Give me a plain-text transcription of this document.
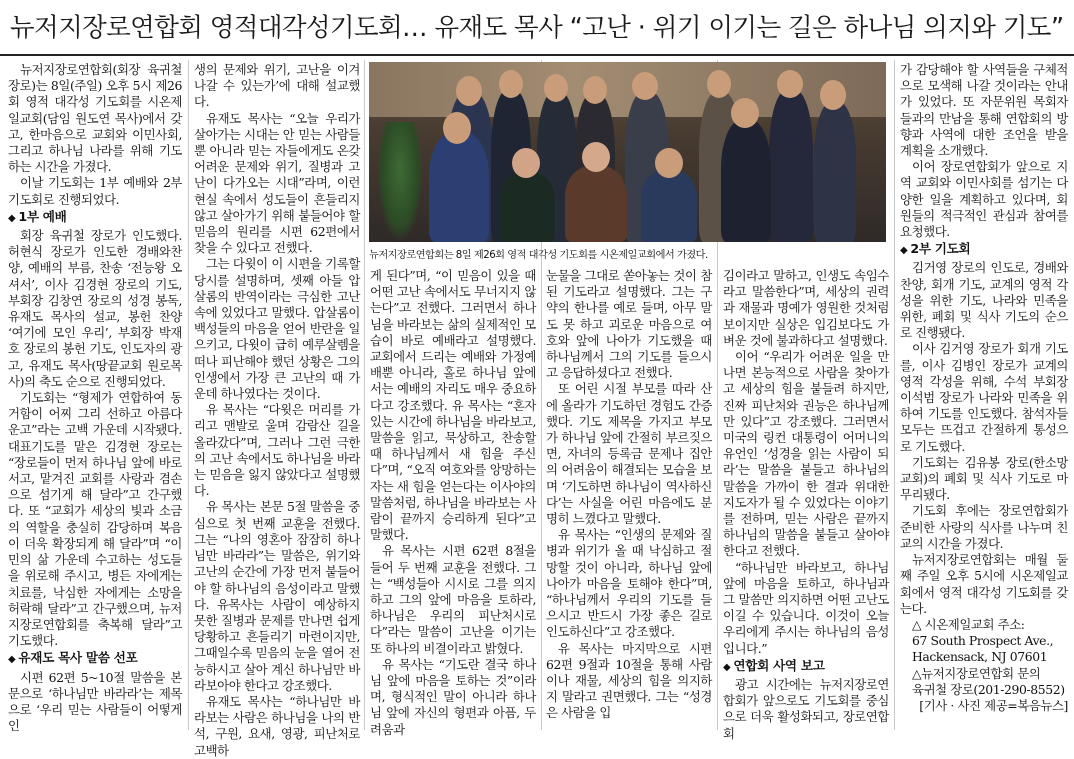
뉴저지장로연합회 영적대각성기도회… 유재도 목사 “고난 · 위기 이기는 길은 하나님 의지와 기도”

뉴저지장로연합회(회장 육귀철 장로)는 8일(주일) 오후 5시 제26회 영적 대각성 기도회를 시온제일교회(담임 원도연 목사)에서 갖고, 한마음으로 교회와 이민사회, 그리고 하나님 나라를 위해 기도하는 시간을 가졌다.

이날 기도회는 1부 예배와 2부 기도회로 진행되었다.

◆ 1부 예배

회장 육귀철 장로가 인도했다. 허현식 장로가 인도한 경배와찬양, 예배의 부름, 찬송 ‘전능왕 오셔서’, 이사 김경현 장로의 기도, 부회장 김창연 장로의 성경 봉독, 유재도 목사의 설교, 봉헌 찬양 ‘여기에 모인 우리’, 부회장 박재호 장로의 봉헌 기도, 인도자의 광고, 유재도 목사(땅끝교회 원로목사)의 축도 순으로 진행되었다.

기도회는 “형제가 연합하여 동거함이 어찌 그리 선하고 아름다운고”라는 고백 가운데 시작됐다. 대표기도를 맡은 김경현 장로는 “장로들이 먼저 하나님 앞에 바로 서고, 맡겨진 교회를 사랑과 겸손으로 섬기게 해 달라”고 간구했다. 또 “교회가 세상의 빛과 소금의 역할을 충실히 감당하며 복음이 더욱 확장되게 해 달라”며 “이민의 삶 가운데 수고하는 성도들을 위로해 주시고, 병든 자에게는 치료를, 낙심한 자에게는 소망을 허락해 달라”고 간구했으며, 뉴저지장로연합회를 축복해 달라”고 기도했다.

◆ 유재도 목사 말씀 선포

시편 62편 5~10절 말씀을 본문으로 ‘하나님만 바라라’는 제목으로 ‘우리 믿는 사람들이 어떻게 인

뉴저지장로연합회는 8일 제26회 영적 대각성 기도회를 시온제일교회에서 가졌다.

생의 문제와 위기, 고난을 이겨 나갈 수 있는가’에 대해 설교했다.

유재도 목사는 “오늘 우리가 살아가는 시대는 안 믿는 사람들뿐 아니라 믿는 자들에게도 온갖 어려운 문제와 위기, 질병과 고난이 다가오는 시대”라며, 이런 현실 속에서 성도들이 흔들리지 않고 살아가기 위해 붙들어야 할 믿음의 원리를 시편 62편에서 찾을 수 있다고 전했다.

그는 다윗이 이 시편을 기록할 당시를 설명하며, 셋째 아들 압살롬의 반역이라는 극심한 고난 속에 있었다고 말했다. 압살롬이 백성들의 마음을 얻어 반란을 일으키고, 다윗이 급히 예루살렘을 떠나 피난해야 했던 상황은 그의 인생에서 가장 큰 고난의 때 가운데 하나였다는 것이다.

유 목사는 “다윗은 머리를 가리고 맨발로 울며 감람산 길을 올라갔다”며, 그러나 그런 극한의 고난 속에서도 하나님을 바라는 믿음을 잃지 않았다고 설명했다.

유 목사는 본문 5절 말씀을 중심으로 첫 번째 교훈을 전했다. 그는 “나의 영혼아 잠잠히 하나님만 바라라”는 말씀은, 위기와 고난의 순간에 가장 먼저 붙들어야 할 하나님의 음성이라고 말했다. 유목사는 사람이 예상하지 못한 질병과 문제를 만나면 쉽게 당황하고 흔들리기 마련이지만, 그때일수록 믿음의 눈을 열어 전능하시고 살아 계신 하나님만 바라보아야 한다고 강조했다.

유재도 목사는 “하나님만 바라보는 사람은 하나님을 나의 반석, 구원, 요새, 영광, 피난처로 고백하

게 된다”며, “이 믿음이 있을 때 어떤 고난 속에서도 무너지지 않는다”고 전했다. 그러면서 하나님을 바라보는 삶의 실제적인 모습이 바로 예배라고 설명했다. 교회에서 드리는 예배와 가정예배뿐 아니라, 홀로 하나님 앞에 서는 예배의 자리도 매우 중요하다고 강조했다. 유 목사는 “혼자 있는 시간에 하나님을 바라보고, 말씀을 읽고, 묵상하고, 찬송할 때 하나님께서 새 힘을 주신다”며, “오직 여호와를 앙망하는 자는 새 힘을 얻는다는 이사야의 말씀처럼, 하나님을 바라보는 사람이 끝까지 승리하게 된다”고 말했다.

유 목사는 시편 62편 8절을 들어 두 번째 교훈을 전했다. 그는 “백성들아 시시로 그를 의지하고 그의 앞에 마음을 토하라, 하나님은 우리의 피난처시로다”라는 말씀이 고난을 이기는 또 하나의 비결이라고 밝혔다.

유 목사는 “기도란 결국 하나님 앞에 마음을 토하는 것”이라며, 형식적인 말이 아니라 하나님 앞에 자신의 형편과 아픔, 두려움과

눈물을 그대로 쏟아놓는 것이 참된 기도라고 설명했다. 그는 구약의 한나를 예로 들며, 아무 말도 못 하고 괴로운 마음으로 여호와 앞에 나아가 기도했을 때 하나님께서 그의 기도를 들으시고 응답하셨다고 전했다.

또 어린 시절 부모를 따라 산에 올라가 기도하던 경험도 간증했다. 기도 제목을 가지고 부모가 하나님 앞에 간절히 부르짖으면, 자녀의 등록금 문제나 집안의 어려움이 해결되는 모습을 보며 ‘기도하면 하나님이 역사하신다’는 사실을 어린 마음에도 분명히 느꼈다고 말했다.

유 목사는 “인생의 문제와 질병과 위기가 올 때 낙심하고 절망할 것이 아니라, 하나님 앞에 나아가 마음을 토해야 한다”며, “하나님께서 우리의 기도를 들으시고 반드시 가장 좋은 길로 인도하신다”고 강조했다.

유 목사는 마지막으로 시편 62편 9절과 10절을 통해 사람이나 재물, 세상의 힘을 의지하지 말라고 권면했다. 그는 “성경은 사람을 입

김이라고 말하고, 인생도 속임수라고 말씀한다”며, 세상의 권력과 재물과 명예가 영원한 것처럼 보이지만 실상은 입김보다도 가벼운 것에 불과하다고 설명했다.

이어 “우리가 어려운 일을 만나면 본능적으로 사람을 찾아가고 세상의 힘을 붙들려 하지만, 진짜 피난처와 권능은 하나님께만 있다”고 강조했다. 그러면서 미국의 링컨 대통령이 어머니의 유언인 ‘성경을 읽는 사람이 되라’는 말씀을 붙들고 하나님의 말씀을 가까이 한 결과 위대한 지도자가 될 수 있었다는 이야기를 전하며, 믿는 사람은 끝까지 하나님의 말씀을 붙들고 살아야 한다고 전했다.

“하나님만 바라보고, 하나님 앞에 마음을 토하고, 하나님과 그 말씀만 의지하면 어떤 고난도 이길 수 있습니다. 이것이 오늘 우리에게 주시는 하나님의 음성입니다.”

◆ 연합회 사역 보고

광고 시간에는 뉴저지장로연합회가 앞으로도 기도회를 중심으로 더욱 활성화되고, 장로연합회

가 감당해야 할 사역들을 구체적으로 모색해 나갈 것이라는 안내가 있었다. 또 자문위원 목회자들과의 만남을 통해 연합회의 방향과 사역에 대한 조언을 받을 계획을 소개했다.

이어 장로연합회가 앞으로 지역 교회와 이민사회를 섬기는 다양한 일을 계획하고 있다며, 회원들의 적극적인 관심과 참여를 요청했다.

◆ 2부 기도회

김거영 장로의 인도로, 경배와 찬양, 회개 기도, 교계의 영적 각성을 위한 기도, 나라와 민족을 위한, 폐회 및 식사 기도의 순으로 진행됐다.

이사 김거영 장로가 회개 기도를, 이사 김병인 장로가 교계의 영적 각성을 위해, 수석 부회장 이석범 장로가 나라와 민족을 위하여 기도를 인도했다. 참석자들 모두는 뜨겁고 간절하게 통성으로 기도했다.

기도회는 김유봉 장로(한소망교회)의 폐회 및 식사 기도로 마무리됐다.

기도회 후에는 장로연합회가 준비한 사랑의 식사를 나누며 친교의 시간을 가졌다.

뉴저지장로연합회는 매월 둘째 주일 오후 5시에 시온제일교회에서 영적 대각성 기도회를 갖는다.

△ 시온제일교회 주소:

67 South Prospect Ave.,

Hackensack, NJ 07601

△뉴저지장로연합회 문의

육귀철 장로(201-290-8552)

[기사 · 사진 제공=복음뉴스]
